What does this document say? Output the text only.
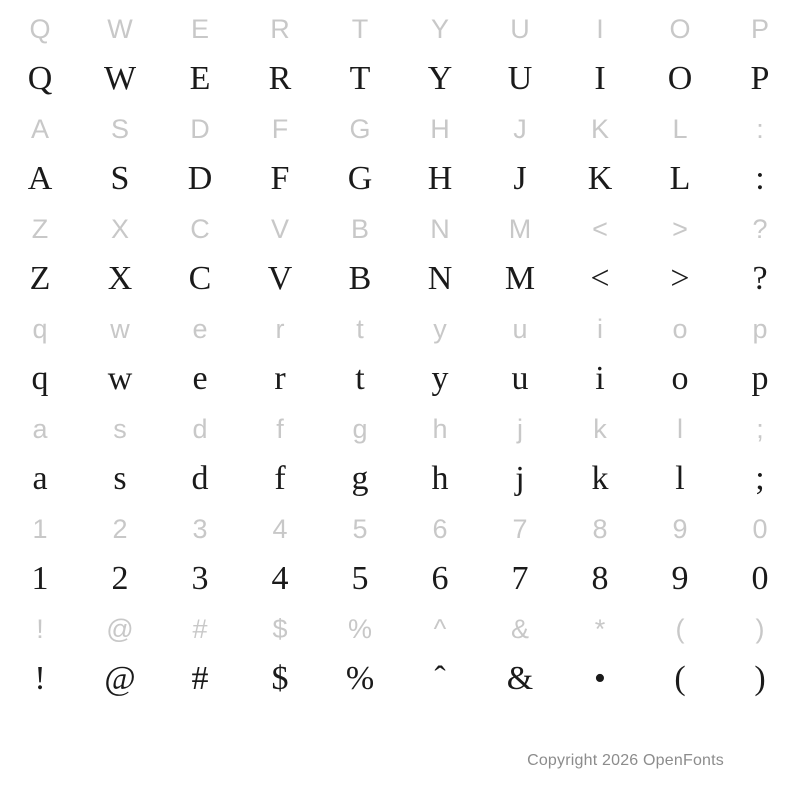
Q	W	E	R	T	Y	U	I	O	P
Q	W	E	R	T	Y	U	I	O	P
A	S	D	F	G	H	J	K	L	:
A	S	D	F	G	H	J	K	L	:
Z	X	C	V	B	N	M	<	>	?
Z	X	C	V	B	N	M	<	>	?
q	w	e	r	t	y	u	i	o	p
q	w	e	r	t	y	u	i	o	p
a	s	d	f	g	h	j	k	l	;
a	s	d	f	g	h	j	k	l	;
1	2	3	4	5	6	7	8	9	0
1	2	3	4	5	6	7	8	9	0
!	@	#	$	%	^	&	*	(	)
!	@	#	$	%	ˆ	&	•	(	)
Copyright 2026 OpenFonts
